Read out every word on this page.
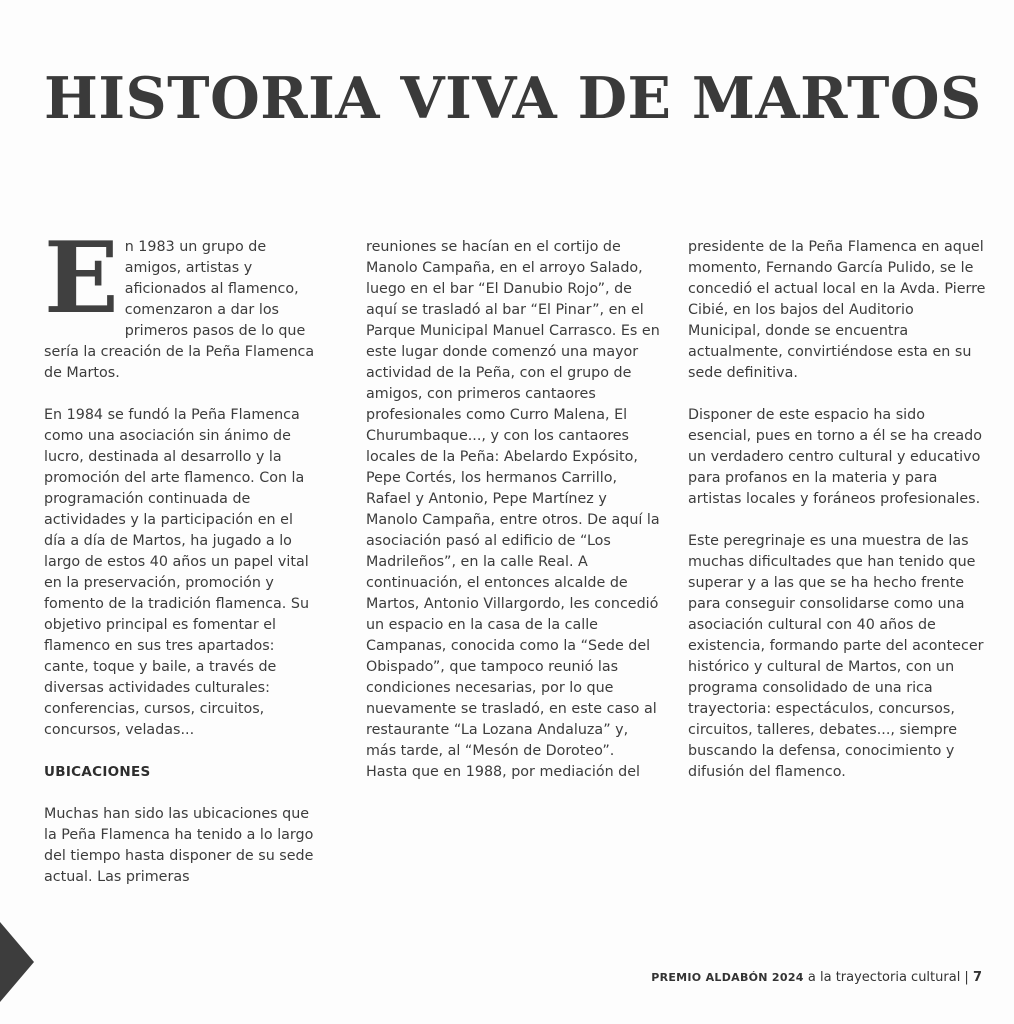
HISTORIA VIVA DE MARTOS

En 1983 un grupo de amigos, artistas y aficionados al flamenco, comenzaron a dar los primeros pasos de lo que sería la creación de la Peña Flamenca de Martos.

En 1984 se fundó la Peña Flamenca como una asociación sin ánimo de lucro, destinada al desarrollo y la promoción del arte flamenco. Con la programación continuada de actividades y la participación en el día a día de Martos, ha jugado a lo largo de estos 40 años un papel vital en la preservación, promoción y fomento de la tradición flamenca. Su objetivo principal es fomentar el flamenco en sus tres apartados: cante, toque y baile, a través de diversas actividades culturales: conferencias, cursos, circuitos, concursos, veladas...

UBICACIONES

Muchas han sido las ubicaciones que la Peña Flamenca ha tenido a lo largo del tiempo hasta disponer de su sede actual. Las primeras

reuniones se hacían en el cortijo de Manolo Campaña, en el arroyo Salado, luego en el bar “El Danubio Rojo”, de aquí se trasladó al bar “El Pinar”, en el Parque Municipal Manuel Carrasco. Es en este lugar donde comenzó una mayor actividad de la Peña, con el grupo de amigos, con primeros cantaores profesionales como Curro Malena, El Churumbaque..., y con los cantaores locales de la Peña: Abelardo Expósito, Pepe Cortés, los hermanos Carrillo, Rafael y Antonio, Pepe Martínez y Manolo Campaña, entre otros. De aquí la asociación pasó al edificio de “Los Madrileños”, en la calle Real. A continuación, el entonces alcalde de Martos, Antonio Villargordo, les concedió un espacio en la casa de la calle Campanas, conocida como la “Sede del Obispado”, que tampoco reunió las condiciones necesarias, por lo que nuevamente se trasladó, en este caso al restaurante “La Lozana Andaluza” y, más tarde, al “Mesón de Doroteo”. Hasta que en 1988, por mediación del

presidente de la Peña Flamenca en aquel momento, Fernando García Pulido, se le concedió el actual local en la Avda. Pierre Cibié, en los bajos del Auditorio Municipal, donde se encuentra actualmente, convirtiéndose esta en su sede definitiva.

Disponer de este espacio ha sido esencial, pues en torno a él se ha creado un verdadero centro cultural y educativo para profanos en la materia y para artistas locales y foráneos profesionales.

Este peregrinaje es una muestra de las muchas dificultades que han tenido que superar y a las que se ha hecho frente para conseguir consolidarse como una asociación cultural con 40 años de existencia, formando parte del acontecer histórico y cultural de Martos, con un programa consolidado de una rica trayectoria: espectáculos, concursos, circuitos, talleres, debates..., siempre buscando la defensa, conocimiento y difusión del flamenco.

PREMIO ALDABÓN 2024 a la trayectoria cultural | 7
